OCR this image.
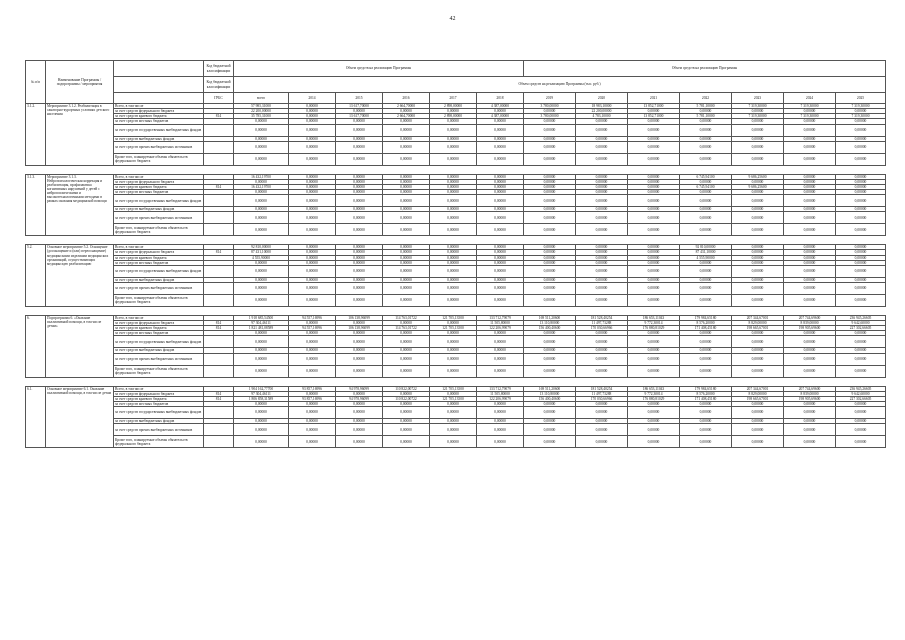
42
№ п/п	Наименование Программы / подпрограммы / мероприятия		Код бюджетной классификации	Объем средств на реализацию Программы						Объем средств на реализацию Программы						
			Код бюджетной классификации	Объем средств на реализацию Программы (тыс. руб.)												
			ГРБС	всего	2014	2015	2016	2017	2018	2019	2020	2021	2022	2023	2024	2025
3.1.2.	Мероприятие 3.1.2. Реабилитация в санаторно-курортных условиях детского населения	Всего, в том числе		57 985,31000	0,00000	13 617,70000	2 664,70000	2 898,00000	4 387,00000	3 780,00000	18 983,10000	13 852,71000	5 781,10000	7 319,30000	7 319,30000	7 319,30000
		за счет средств федерального бюджета		22 200,00000	0,00000	0,00000	0,00000	0,00000	0,00000	0,00000	22 200,00000	0,00000	0,00000	0,00000	0,00000	0,00000
		за счет средств краевого бюджета	814	35 785,31000	0,00000	13 617,70000	2 664,70000	2 898,00000	4 387,00000	3 780,00000	4 783,10000	13 852,71000	5 781,10000	7 319,30000	7 319,30000	7 319,30000
		за счет средств местных бюджетов		0,00000	0,00000	0,00000	0,00000	0,00000	0,00000	0,00000	0,00000	0,00000	0,00000	0,00000	0,00000	0,00000
		за счет средств государственных внебюджетных фондов		0,00000	0,00000	0,00000	0,00000	0,00000	0,00000	0,00000	0,00000	0,00000	0,00000	0,00000	0,00000	0,00000
		за счет средств внебюджетных фондов		0,00000	0,00000	0,00000	0,00000	0,00000	0,00000	0,00000	0,00000	0,00000	0,00000	0,00000	0,00000	0,00000
		за счет средств прочих внебюджетных источников		0,00000	0,00000	0,00000	0,00000	0,00000	0,00000	0,00000	0,00000	0,00000	0,00000	0,00000	0,00000	0,00000
		Кроме того, планируемые объемы обязательств федерального бюджета		0,00000	0,00000	0,00000	0,00000	0,00000	0,00000	0,00000	0,00000	0,00000	0,00000	0,00000	0,00000	0,00000

3.1.3.	Мероприятие 3.1.3. Нейропсихологическая коррекция и реабилитация, профилактика когнитивных нарушений у детей с нейропсихическими и высокотехнологичными методами в рамках оказания медицинской помощи	Всего, в том числе		16 432,19700	0,00000	0,00000	0,00000	0,00000	0,00000	0,00000	0,00000	0,00000	6 745,94100	9 686,25600	0,00000	0,00000
		за счет средств федерального бюджета		0,00000	0,00000	0,00000	0,00000	0,00000	0,00000	0,00000	0,00000	0,00000	0,00000	0,00000	0,00000	0,00000
		за счет средств краевого бюджета	814	16 432,19700	0,00000	0,00000	0,00000	0,00000	0,00000	0,00000	0,00000	0,00000	6 745,94100	9 686,25600	0,00000	0,00000
		за счет средств местных бюджетов		0,00000	0,00000	0,00000	0,00000	0,00000	0,00000	0,00000	0,00000	0,00000	0,00000	0,00000	0,00000	0,00000
		за счет средств государственных внебюджетных фондов		0,00000	0,00000	0,00000	0,00000	0,00000	0,00000	0,00000	0,00000	0,00000	0,00000	0,00000	0,00000	0,00000
		за счет средств внебюджетных фондов		0,00000	0,00000	0,00000	0,00000	0,00000	0,00000	0,00000	0,00000	0,00000	0,00000	0,00000	0,00000	0,00000
		за счет средств прочих внебюджетных источников		0,00000	0,00000	0,00000	0,00000	0,00000	0,00000	0,00000	0,00000	0,00000	0,00000	0,00000	0,00000	0,00000
		Кроме того, планируемые объемы обязательств федерального бюджета		0,00000	0,00000	0,00000	0,00000	0,00000	0,00000	0,00000	0,00000	0,00000	0,00000	0,00000	0,00000	0,00000

5.2.	Основное мероприятие 5.2. Оснащение (дооснащение и (или) переоснащение) медицинскими изделиями медицинских организаций, осуществляющих медицинскую реабилитацию	Всего, в том числе		92 810,00000	0,00000	0,00000	0,00000	0,00000	0,00000	0,00000	0,00000	0,00000	92 810,00000	0,00000	0,00000	0,00000
		за счет средств федерального бюджета	814	87 431,10000	0,00000	0,00000	0,00000	0,00000	0,00000	0,00000	0,00000	0,00000	87 431,10000	0,00000	0,00000	0,00000
		за счет средств краевого бюджета		4 555,90000	0,00000	0,00000	0,00000	0,00000	0,00000	0,00000	0,00000	0,00000	4 555,90000	0,00000	0,00000	0,00000
		за счет средств местных бюджетов		0,00000	0,00000	0,00000	0,00000	0,00000	0,00000	0,00000	0,00000	0,00000	0,00000	0,00000	0,00000	0,00000
		за счет средств государственных внебюджетных фондов		0,00000	0,00000	0,00000	0,00000	0,00000	0,00000	0,00000	0,00000	0,00000	0,00000	0,00000	0,00000	0,00000
		за счет средств внебюджетных фондов		0,00000	0,00000	0,00000	0,00000	0,00000	0,00000	0,00000	0,00000	0,00000	0,00000	0,00000	0,00000	0,00000
		за счет средств прочих внебюджетных источников		0,00000	0,00000	0,00000	0,00000	0,00000	0,00000	0,00000	0,00000	0,00000	0,00000	0,00000	0,00000	0,00000
		Кроме того, планируемые объемы обязательств федерального бюджета		0,00000	0,00000	0,00000	0,00000	0,00000	0,00000	0,00000	0,00000	0,00000	0,00000	0,00000	0,00000	0,00000

6.	Подпрограмма 6. «Оказание паллиативной помощи, в том числе детям»	Всего, в том числе		1 918 685,54500	94 557,16996	106 138,96099	114 763,01722	121 705,13500	133 712,79079	169 511,20600	181 528,40254	186 653,11043	179 984,65180	207 344,67001	207 744,69600	236 945,26605
		за счет средств федерального бюджета	814	97 304,46111	0,00000	0,00000	0,00000	0,00000	11 505,80000	13 110,80000	11 497,73288	9 772,30014	8 576,20000	8 829,00000	8 839,00000	9 642,60000
		за счет средств краевого бюджета	814	1 821 481,08589	94 557,16996	106 138,96099	114 763,01722	121 705,13500	122 206,99079	156 400,40600	170 030,66966	176 880,81029	171 408,45180	198 665,67001	198 905,69600	227 302,66605
		за счет средств местных бюджетов		0,00000	0,00000	0,00000	0,00000	0,00000	0,00000	0,00000	0,00000	0,00000	0,00000	0,00000	0,00000	0,00000
		за счет средств государственных внебюджетных фондов		0,00000	0,00000	0,00000	0,00000	0,00000	0,00000	0,00000	0,00000	0,00000	0,00000	0,00000	0,00000	0,00000
		за счет средств внебюджетных фондов		0,00000	0,00000	0,00000	0,00000	0,00000	0,00000	0,00000	0,00000	0,00000	0,00000	0,00000	0,00000	0,00000
		за счет средств прочих внебюджетных источников		0,00000	0,00000	0,00000	0,00000	0,00000	0,00000	0,00000	0,00000	0,00000	0,00000	0,00000	0,00000	0,00000
		Кроме того, планируемые объемы обязательств федерального бюджета		0,00000	0,00000	0,00000	0,00000	0,00000	0,00000	0,00000	0,00000	0,00000	0,00000	0,00000	0,00000	0,00000

6.1.	Основное мероприятие 6.1. Оказание паллиативной помощи, в том числе детям	Всего, в том числе		1 904 162,77700	93 857,16996	94 978,96099	110 822,00722	121 705,13500	133 712,79079	169 511,20600	181 528,40254	186 653,11043	179 984,65180	207 344,67001	207 744,69600	236 945,26605
		за счет средств федерального бюджета	814	97 304,46111	0,00000	0,00000	0,00000	0,00000	11 505,80000	13 110,80000	11 497,73288	9 772,30014	8 576,20000	8 829,00000	8 839,00000	9 642,60000
		за счет средств краевого бюджета	814	1 806 858,31589	93 857,16996	94 978,96099	110 822,00722	121 705,13500	122 206,99079	156 400,40600	170 030,66966	176 880,81029	171 408,45180	198 665,67001	198 905,69600	227 302,66605
		за счет средств местных бюджетов		0,00000	0,00000	0,00000	0,00000	0,00000	0,00000	0,00000	0,00000	0,00000	0,00000	0,00000	0,00000	0,00000
		за счет средств государственных внебюджетных фондов		0,00000	0,00000	0,00000	0,00000	0,00000	0,00000	0,00000	0,00000	0,00000	0,00000	0,00000	0,00000	0,00000
		за счет средств внебюджетных фондов		0,00000	0,00000	0,00000	0,00000	0,00000	0,00000	0,00000	0,00000	0,00000	0,00000	0,00000	0,00000	0,00000
		за счет средств прочих внебюджетных источников		0,00000	0,00000	0,00000	0,00000	0,00000	0,00000	0,00000	0,00000	0,00000	0,00000	0,00000	0,00000	0,00000
		Кроме того, планируемые объемы обязательств федерального бюджета		0,00000	0,00000	0,00000	0,00000	0,00000	0,00000	0,00000	0,00000	0,00000	0,00000	0,00000	0,00000	0,00000
